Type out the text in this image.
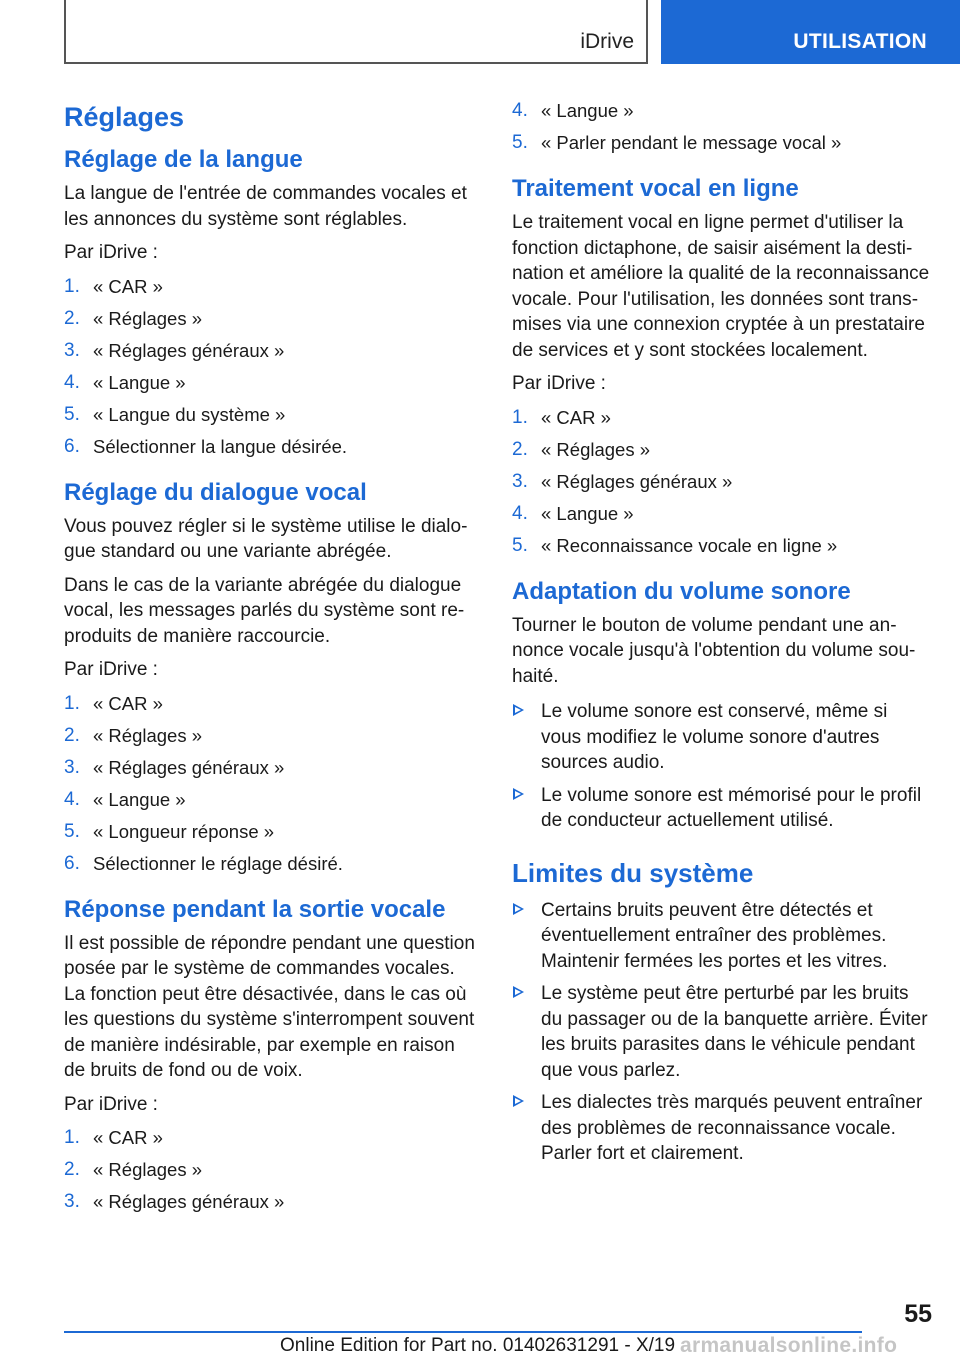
iDrive	UTILISATION
Réglages
Réglage de la langue

La langue de l'entrée de commandes vocales et les annonces du système sont réglables.

Par iDrive :

1. « CAR »
2. « Réglages »
3. « Réglages généraux »
4. « Langue »
5. « Langue du système »
6. Sélectionner la langue désirée.
Réglage du dialogue vocal

Vous pouvez régler si le système utilise le dialogue standard ou une variante abrégée.

Dans le cas de la variante abrégée du dialogue vocal, les messages parlés du système sont reproduits de manière raccourcie.

Par iDrive :

1. « CAR »
2. « Réglages »
3. « Réglages généraux »
4. « Langue »
5. « Longueur réponse »
6. Sélectionner le réglage désiré.
Réponse pendant la sortie vocale

Il est possible de répondre pendant une question posée par le système de commandes vocales. La fonction peut être désactivée, dans le cas où les questions du système s'interrompent souvent de manière indésirable, par exemple en raison de bruits de fond ou de voix.

Par iDrive :

1. « CAR »
2. « Réglages »
3. « Réglages généraux »
4. « Langue »
5. « Parler pendant le message vocal »
Traitement vocal en ligne

Le traitement vocal en ligne permet d'utiliser la fonction dictaphone, de saisir aisément la destination et améliore la qualité de la reconnaissance vocale. Pour l'utilisation, les données sont transmises via une connexion cryptée à un prestataire de services et y sont stockées localement.

Par iDrive :

1. « CAR »
2. « Réglages »
3. « Réglages généraux »
4. « Langue »
5. « Reconnaissance vocale en ligne »
Adaptation du volume sonore

Tourner le bouton de volume pendant une annonce vocale jusqu'à l'obtention du volume souhaité.

Le volume sonore est conservé, même si vous modifiez le volume sonore d'autres sources audio.
Le volume sonore est mémorisé pour le profil de conducteur actuellement utilisé.
Limites du système
Certains bruits peuvent être détectés et éventuellement entraîner des problèmes. Maintenir fermées les portes et les vitres.
Le système peut être perturbé par les bruits du passager ou de la banquette arrière. Éviter les bruits parasites dans le véhicule pendant que vous parlez.
Les dialectes très marqués peuvent entraîner des problèmes de reconnaissance vocale. Parler fort et clairement.
55
Online Edition for Part no. 01402631291 - X/19 armanualsonline.info
